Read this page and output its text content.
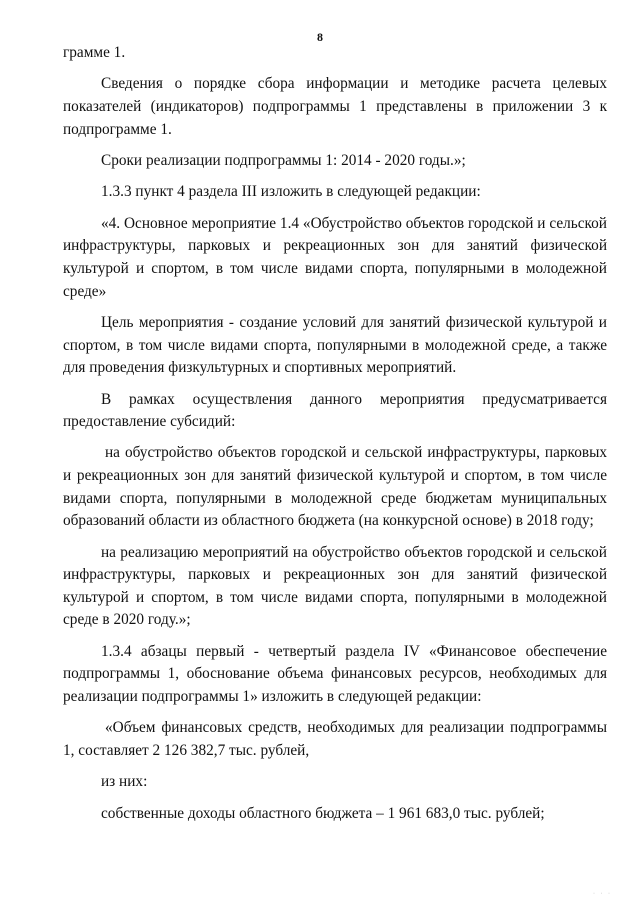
8

грамме 1.

Сведения о порядке сбора информации и методике расчета целевых показателей (индикаторов) подпрограммы 1 представлены в приложении 3 к подпрограмме 1.

Сроки реализации подпрограммы 1: 2014 - 2020 годы.»;

1.3.3 пункт 4 раздела III изложить в следующей редакции:

«4. Основное мероприятие 1.4 «Обустройство объектов городской и сельской инфраструктуры, парковых и рекреационных зон для занятий физической культурой и спортом, в том числе видами спорта, популярными в молодежной среде»

Цель мероприятия - создание условий для занятий физической культурой и спортом, в том числе видами спорта, популярными в молодежной среде, а также для проведения физкультурных и спортивных мероприятий.

В рамках осуществления данного мероприятия предусматривается предоставление субсидий:

на обустройство объектов городской и сельской инфраструктуры, парковых и рекреационных зон для занятий физической культурой и спортом, в том числе видами спорта, популярными в молодежной среде бюджетам муниципальных образований области из областного бюджета (на конкурсной основе) в 2018 году;

на реализацию мероприятий на обустройство объектов городской и сельской инфраструктуры, парковых и рекреационных зон для занятий физической культурой и спортом, в том числе видами спорта, популярными в молодежной среде в 2020 году.»;

1.3.4 абзацы первый - четвертый раздела IV «Финансовое обеспечение подпрограммы 1, обоснование объема финансовых ресурсов, необходимых для реализации подпрограммы 1» изложить в следующей редакции:

«Объем финансовых средств, необходимых для реализации подпрограммы 1, составляет 2 126 382,7 тыс. рублей,

из них:

собственные доходы областного бюджета – 1 961 683,0 тыс. рублей;

· · ·
